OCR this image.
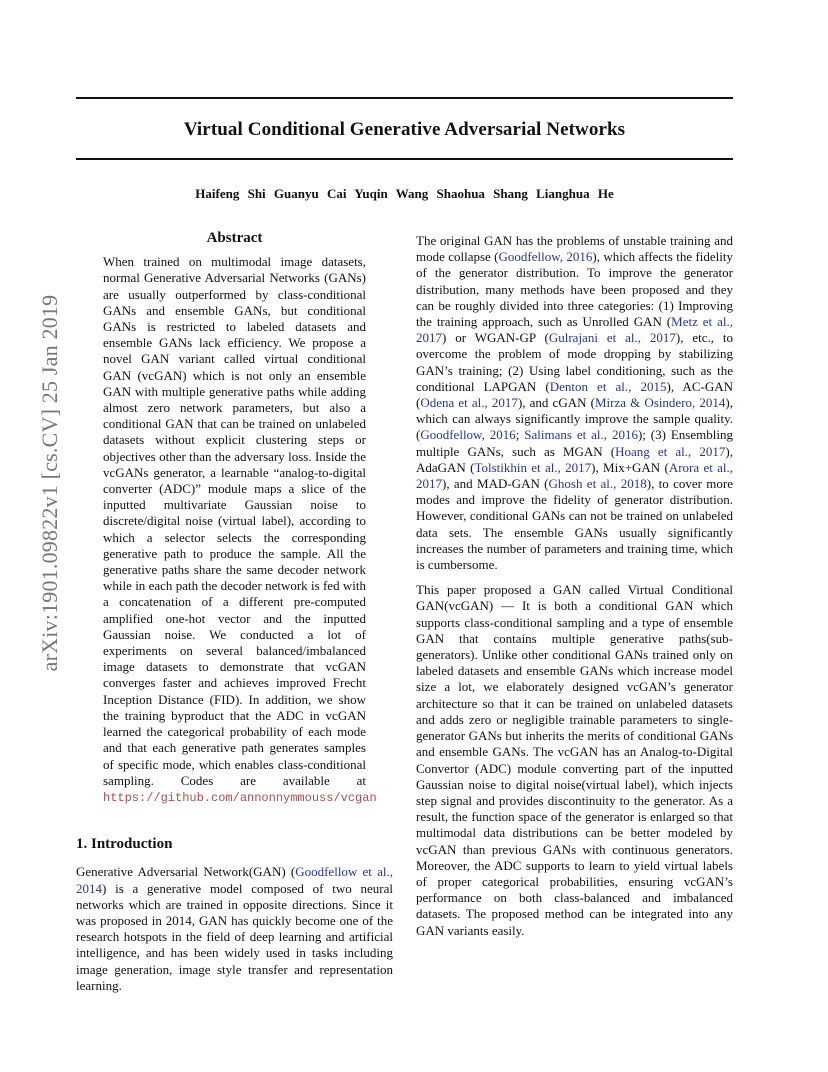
Virtual Conditional Generative Adversarial Networks
Haifeng Shi Guanyu Cai Yuqin Wang Shaohua Shang Lianghua He
arXiv:1901.09822v1 [cs.CV] 25 Jan 2019
Abstract
When trained on multimodal image datasets, normal Generative Adversarial Networks (GANs) are usually outperformed by class-conditional GANs and ensemble GANs, but conditional GANs is restricted to labeled datasets and ensemble GANs lack efficiency. We propose a novel GAN variant called virtual conditional GAN (vcGAN) which is not only an ensemble GAN with multiple generative paths while adding almost zero network parameters, but also a conditional GAN that can be trained on unlabeled datasets without explicit clustering steps or objectives other than the adversary loss. Inside the vcGANs generator, a learnable “analog-to-digital converter (ADC)” module maps a slice of the inputted multivariate Gaussian noise to discrete/digital noise (virtual label), according to which a selector selects the corresponding generative path to produce the sample. All the generative paths share the same decoder network while in each path the decoder network is fed with a concatenation of a different pre-computed amplified one-hot vector and the inputted Gaussian noise. We conducted a lot of experiments on several balanced/imbalanced image datasets to demonstrate that vcGAN converges faster and achieves improved Frecht Inception Distance (FID). In addition, we show the training byproduct that the ADC in vcGAN learned the categorical probability of each mode and that each generative path generates samples of specific mode, which enables class-conditional sampling. Codes are available at https://github.com/annonnymmouss/vcgan
1. Introduction

Generative Adversarial Network(GAN) (Goodfellow et al., 2014) is a generative model composed of two neural networks which are trained in opposite directions. Since it was proposed in 2014, GAN has quickly become one of the research hotspots in the field of deep learning and artificial intelligence, and has been widely used in tasks including image generation, image style transfer and representation learning.

The original GAN has the problems of unstable training and mode collapse (Goodfellow, 2016), which affects the fidelity of the generator distribution. To improve the generator distribution, many methods have been proposed and they can be roughly divided into three categories: (1) Improving the training approach, such as Unrolled GAN (Metz et al., 2017) or WGAN-GP (Gulrajani et al., 2017), etc., to overcome the problem of mode dropping by stabilizing GAN’s training; (2) Using label conditioning, such as the conditional LAPGAN (Denton et al., 2015), AC-GAN (Odena et al., 2017), and cGAN (Mirza & Osindero, 2014), which can always significantly improve the sample quality. (Goodfellow, 2016; Salimans et al., 2016); (3) Ensembling multiple GANs, such as MGAN (Hoang et al., 2017), AdaGAN (Tolstikhin et al., 2017), Mix+GAN (Arora et al., 2017), and MAD-GAN (Ghosh et al., 2018), to cover more modes and improve the fidelity of generator distribution. However, conditional GANs can not be trained on unlabeled data sets. The ensemble GANs usually significantly increases the number of parameters and training time, which is cumbersome.

This paper proposed a GAN called Virtual Conditional GAN(vcGAN) — It is both a conditional GAN which supports class-conditional sampling and a type of ensemble GAN that contains multiple generative paths(sub-generators). Unlike other conditional GANs trained only on labeled datasets and ensemble GANs which increase model size a lot, we elaborately designed vcGAN’s generator architecture so that it can be trained on unlabeled datasets and adds zero or negligible trainable parameters to single-generator GANs but inherits the merits of conditional GANs and ensemble GANs. The vcGAN has an Analog-to-Digital Convertor (ADC) module converting part of the inputted Gaussian noise to digital noise(virtual label), which injects step signal and provides discontinuity to the generator. As a result, the function space of the generator is enlarged so that multimodal data distributions can be better modeled by vcGAN than previous GANs with continuous generators. Moreover, the ADC supports to learn to yield virtual labels of proper categorical probabilities, ensuring vcGAN’s performance on both class-balanced and imbalanced datasets. The proposed method can be integrated into any GAN variants easily.
